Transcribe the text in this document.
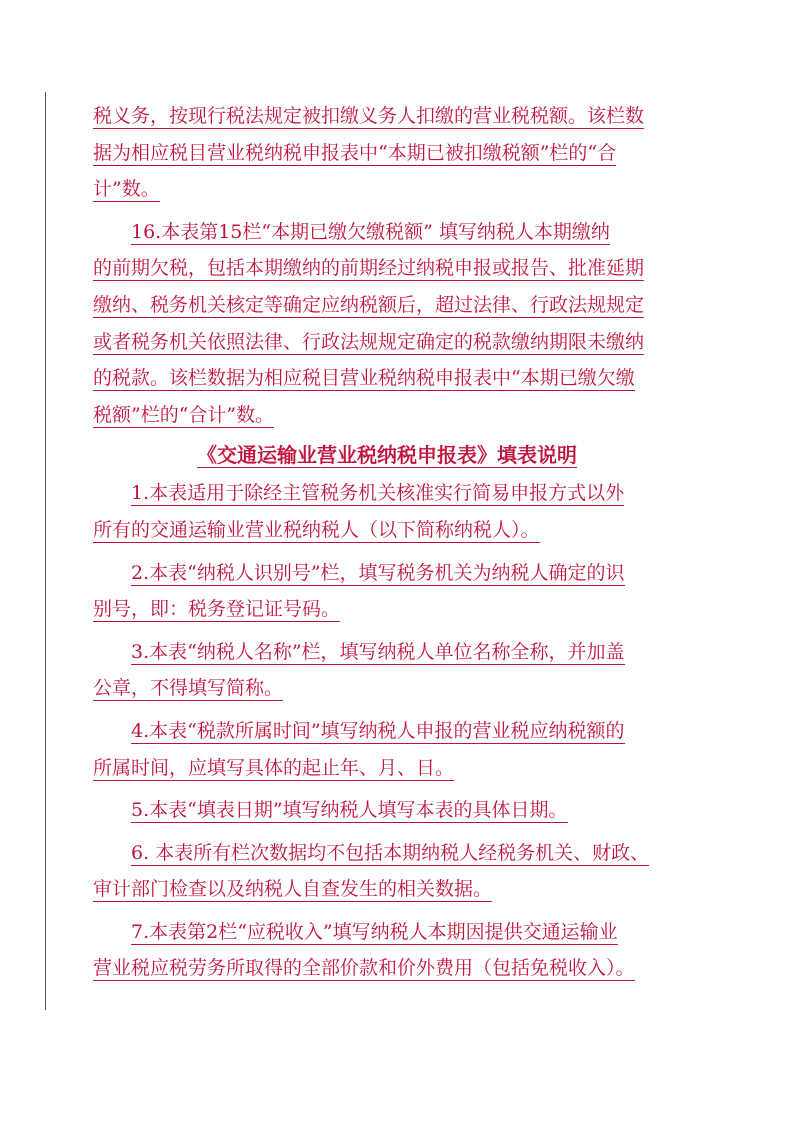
税义务，按现行税法规定被扣缴义务人扣缴的营业税税额。该栏数
据为相应税目营业税纳税申报表中“本期已被扣缴税额”栏的“合
计”数。
16.本表第15栏“本期已缴欠缴税额” 填写纳税人本期缴纳
的前期欠税，包括本期缴纳的前期经过纳税申报或报告、批准延期
缴纳、税务机关核定等确定应纳税额后，超过法律、行政法规规定
或者税务机关依照法律、行政法规规定确定的税款缴纳期限未缴纳
的税款。该栏数据为相应税目营业税纳税申报表中“本期已缴欠缴
税额”栏的“合计”数。
《交通运输业营业税纳税申报表》填表说明
1.本表适用于除经主管税务机关核准实行简易申报方式以外
所有的交通运输业营业税纳税人（以下简称纳税人）。
2.本表“纳税人识别号”栏，填写税务机关为纳税人确定的识
别号，即：税务登记证号码。
3.本表“纳税人名称”栏，填写纳税人单位名称全称，并加盖
公章，不得填写简称。
4.本表“税款所属时间”填写纳税人申报的营业税应纳税额的
所属时间，应填写具体的起止年、月、日。
5.本表“填表日期”填写纳税人填写本表的具体日期。
6. 本表所有栏次数据均不包括本期纳税人经税务机关、财政、
审计部门检查以及纳税人自查发生的相关数据。
7.本表第2栏“应税收入”填写纳税人本期因提供交通运输业
营业税应税劳务所取得的全部价款和价外费用（包括免税收入）。
